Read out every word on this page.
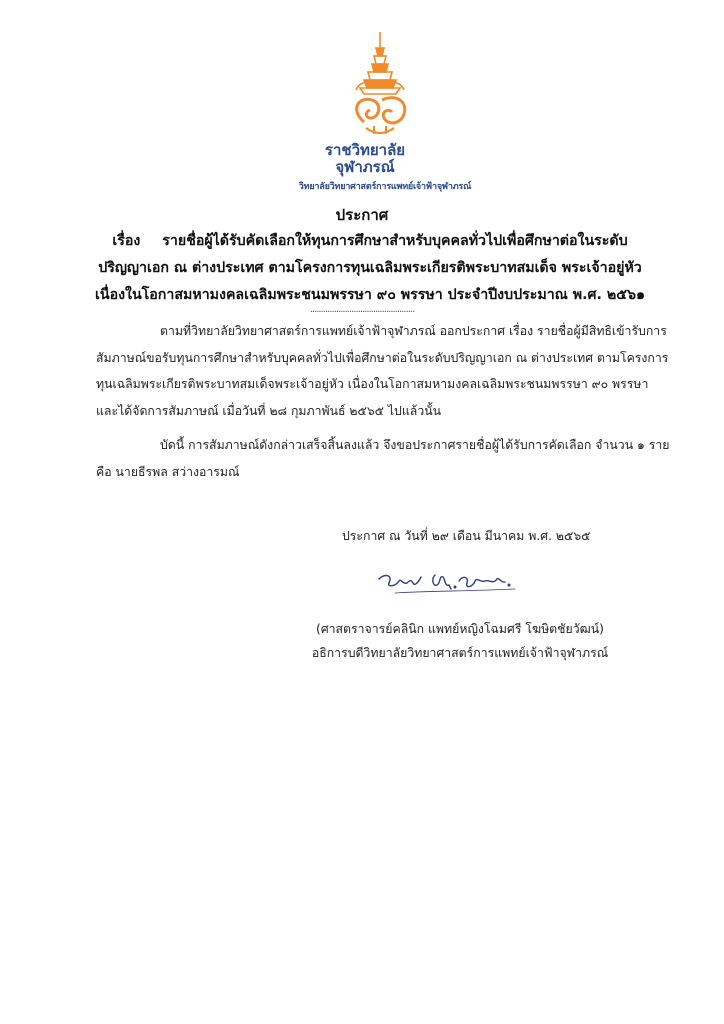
ราชวิทยาลัย
จุฬาภรณ์
วิทยาลัยวิทยาศาสตร์การแพทย์เจ้าฟ้าจุฬาภรณ์
ประกาศ
เรื่อง รายชื่อผู้ได้รับคัดเลือกให้ทุนการศึกษาสำหรับบุคคลทั่วไปเพื่อศึกษาต่อในระดับ
ปริญญาเอก ณ ต่างประเทศ ตามโครงการทุนเฉลิมพระเกียรติพระบาทสมเด็จ พระเจ้าอยู่หัว
เนื่องในโอกาสมหามงคลเฉลิมพระชนมพรรษา ๙๐ พรรษา ประจำปีงบประมาณ พ.ศ. ๒๕๖๑
................................................
ตามที่วิทยาลัยวิทยาศาสตร์การแพทย์เจ้าฟ้าจุฬาภรณ์ ออกประกาศ เรื่อง รายชื่อผู้มีสิทธิเข้ารับการ
สัมภาษณ์ขอรับทุนการศึกษาสำหรับบุคคลทั่วไปเพื่อศึกษาต่อในระดับปริญญาเอก ณ ต่างประเทศ ตามโครงการ
ทุนเฉลิมพระเกียรติพระบาทสมเด็จพระเจ้าอยู่หัว เนื่องในโอกาสมหามงคลเฉลิมพระชนมพรรษา ๙๐ พรรษา
และได้จัดการสัมภาษณ์ เมื่อวันที่ ๒๘ กุมภาพันธ์ ๒๕๖๕ ไปแล้วนั้น
บัดนี้ การสัมภาษณ์ดังกล่าวเสร็จสิ้นลงแล้ว จึงขอประกาศรายชื่อผู้ได้รับการคัดเลือก จำนวน ๑ ราย
คือ นายธีรพล สว่างอารมณ์
ประกาศ ณ วันที่ ๒๙ เดือน มีนาคม พ.ศ. ๒๕๖๕
(ศาสตราจารย์คลินิก แพทย์หญิงโฉมศรี โฆษิตชัยวัฒน์)
อธิการบดีวิทยาลัยวิทยาศาสตร์การแพทย์เจ้าฟ้าจุฬาภรณ์
